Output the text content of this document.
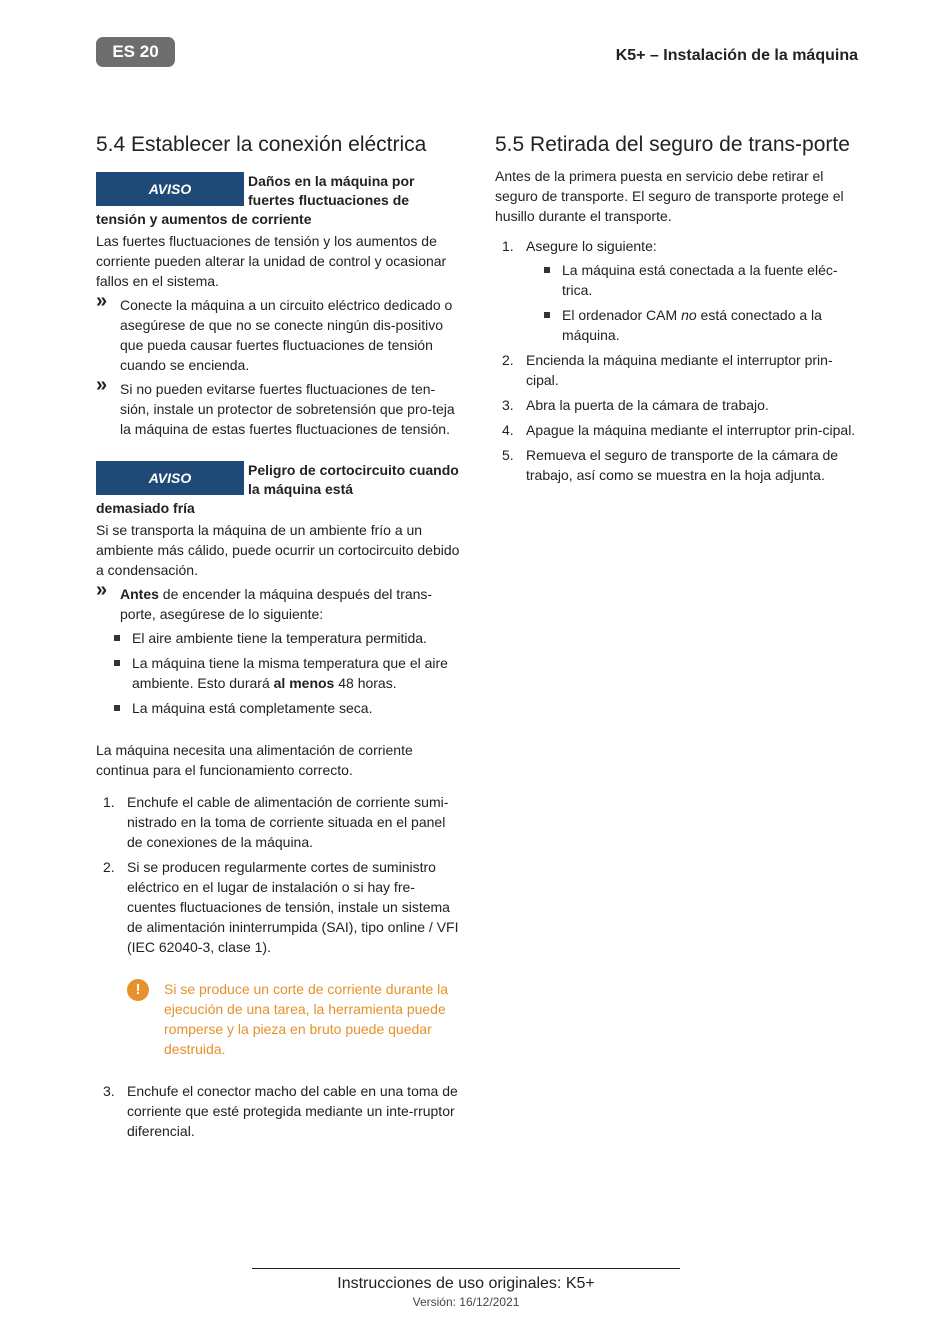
ES 20	K5+ – Instalación de la máquina
5.4 Establecer la conexión eléctrica
AVISO	Daños en la máquina por fuertes fluctuaciones de
tensión y aumentos de corriente

Las fuertes fluctuaciones de tensión y los aumentos de corriente pueden alterar la unidad de control y ocasionar fallos en el sistema.

» Conecte la máquina a un circuito eléctrico dedicado o asegúrese de que no se conecte ningún dis-positivo que pueda causar fuertes fluctuaciones de tensión cuando se encienda.
» Si no pueden evitarse fuertes fluctuaciones de ten-sión, instale un protector de sobretensión que pro-teja la máquina de estas fuertes fluctuaciones de tensión.
AVISO	Peligro de cortocircuito cuando la máquina está
demasiado fría

Si se transporta la máquina de un ambiente frío a un ambiente más cálido, puede ocurrir un cortocircuito debido a condensación.

» Antes de encender la máquina después del trans-porte, asegúrese de lo siguiente:
El aire ambiente tiene la temperatura permitida.
La máquina tiene la misma temperatura que el aire ambiente. Esto durará al menos 48 horas.
La máquina está completamente seca.

La máquina necesita una alimentación de corriente continua para el funcionamiento correcto.

1. Enchufe el cable de alimentación de corriente sumi-nistrado en la toma de corriente situada en el panel de conexiones de la máquina.
2. Si se producen regularmente cortes de suministro eléctrico en el lugar de instalación o si hay fre-cuentes fluctuaciones de tensión, instale un sistema de alimentación ininterrumpida (SAI), tipo online / VFI (IEC 62040-3, clase 1).
!	Si se produce un corte de corriente durante la ejecución de una tarea, la herramienta puede romperse y la pieza en bruto puede quedar destruida.
3. Enchufe el conector macho del cable en una toma de corriente que esté protegida mediante un inte-rruptor diferencial.
5.5 Retirada del seguro de trans-porte

Antes de la primera puesta en servicio debe retirar el seguro de transporte. El seguro de transporte protege el husillo durante el transporte.

1. Asegure lo siguiente:
La máquina está conectada a la fuente eléc-trica.
El ordenador CAM no está conectado a la máquina.
2. Encienda la máquina mediante el interruptor prin-cipal.
3. Abra la puerta de la cámara de trabajo.
4. Apague la máquina mediante el interruptor prin-cipal.
5. Remueva el seguro de transporte de la cámara de trabajo, así como se muestra en la hoja adjunta.
Instrucciones de uso originales: K5+
Versión: 16/12/2021
